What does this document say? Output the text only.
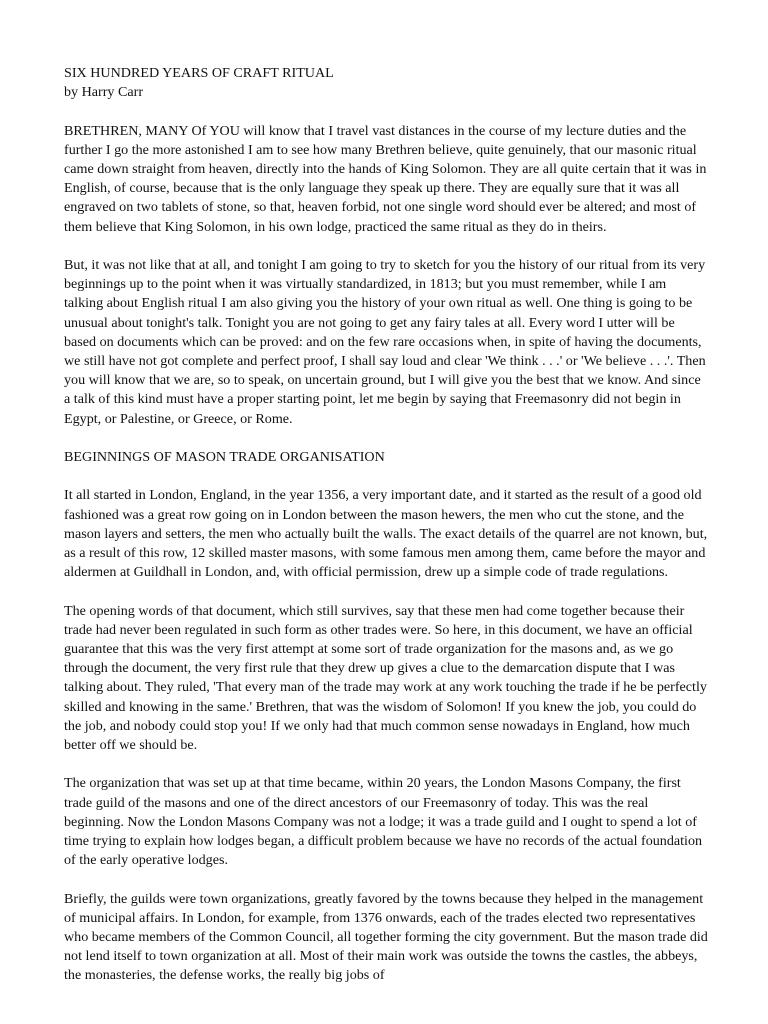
SIX HUNDRED YEARS OF CRAFT RITUAL
by Harry Carr

BRETHREN, MANY Of YOU will know that I travel vast distances in the course of my lecture duties and the further I go the more astonished I am to see how many Brethren believe, quite genuinely, that our masonic ritual came down straight from heaven, directly into the hands of King Solomon. They are all quite certain that it was in English, of course, because that is the only language they speak up there. They are equally sure that it was all engraved on two tablets of stone, so that, heaven forbid, not one single word should ever be altered; and most of them believe that King Solomon, in his own lodge, practiced the same ritual as they do in theirs.

But, it was not like that at all, and tonight I am going to try to sketch for you the history of our ritual from its very beginnings up to the point when it was virtually standardized, in 1813; but you must remember, while I am talking about English ritual I am also giving you the history of your own ritual as well. One thing is going to be unusual about tonight's talk. Tonight you are not going to get any fairy tales at all. Every word I utter will be based on documents which can be proved: and on the few rare occasions when, in spite of having the documents, we still have not got complete and perfect proof, I shall say loud and clear 'We think . . .' or 'We believe . . .'. Then you will know that we are, so to speak, on uncertain ground, but I will give you the best that we know. And since a talk of this kind must have a proper starting point, let me begin by saying that Freemasonry did not begin in Egypt, or Palestine, or Greece, or Rome.

BEGINNINGS OF MASON TRADE ORGANISATION

It all started in London, England, in the year 1356, a very important date, and it started as the result of a good old fashioned was a great row going on in London between the mason hewers, the men who cut the stone, and the mason layers and setters, the men who actually built the walls. The exact details of the quarrel are not known, but, as a result of this row, 12 skilled master masons, with some famous men among them, came before the mayor and aldermen at Guildhall in London, and, with official permission, drew up a simple code of trade regulations.

The opening words of that document, which still survives, say that these men had come together because their trade had never been regulated in such form as other trades were. So here, in this document, we have an official guarantee that this was the very first attempt at some sort of trade organization for the masons and, as we go through the document, the very first rule that they drew up gives a clue to the demarcation dispute that I was talking about. They ruled, 'That every man of the trade may work at any work touching the trade if he be perfectly skilled and knowing in the same.' Brethren, that was the wisdom of Solomon! If you knew the job, you could do the job, and nobody could stop you! If we only had that much common sense nowadays in England, how much better off we should be.

The organization that was set up at that time became, within 20 years, the London Masons Company, the first trade guild of the masons and one of the direct ancestors of our Freemasonry of today. This was the real beginning. Now the London Masons Company was not a lodge; it was a trade guild and I ought to spend a lot of time trying to explain how lodges began, a difficult problem because we have no records of the actual foundation of the early operative lodges.

Briefly, the guilds were town organizations, greatly favored by the towns because they helped in the management of municipal affairs. In London, for example, from 1376 onwards, each of the trades elected two representatives who became members of the Common Council, all together forming the city government. But the mason trade did not lend itself to town organization at all. Most of their main work was outside the towns the castles, the abbeys, the monasteries, the defense works, the really big jobs of
